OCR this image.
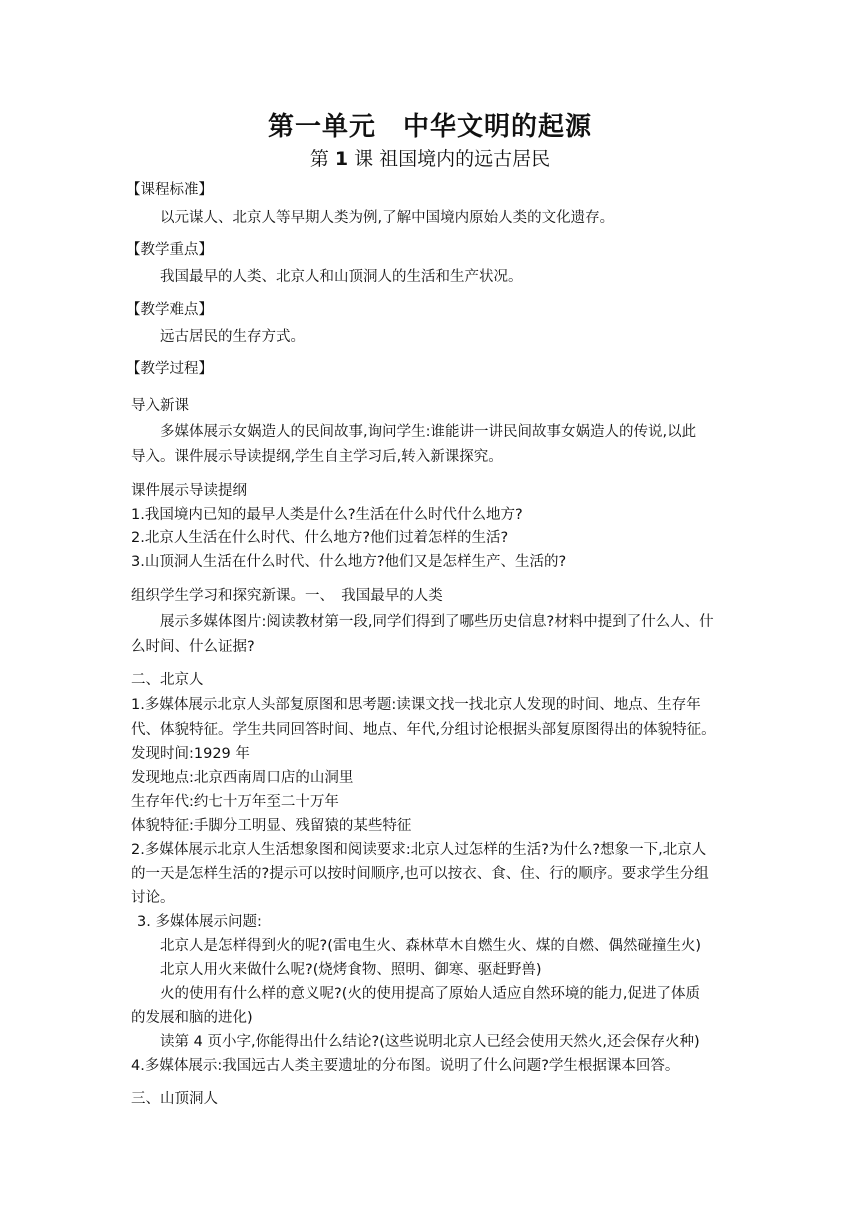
第一单元　中华文明的起源
第 1 课 祖国境内的远古居民
【课程标准】
以元谋人、北京人等早期人类为例,了解中国境内原始人类的文化遗存。
【教学重点】
我国最早的人类、北京人和山顶洞人的生活和生产状况。
【教学难点】
远古居民的生存方式。
【教学过程】
导入新课
多媒体展示女娲造人的民间故事,询问学生:谁能讲一讲民间故事女娲造人的传说,以此
导入。课件展示导读提纲,学生自主学习后,转入新课探究。
课件展示导读提纲
1.我国境内已知的最早人类是什么?生活在什么时代什么地方?
2.北京人生活在什么时代、什么地方?他们过着怎样的生活?
3.山顶洞人生活在什么时代、什么地方?他们又是怎样生产、生活的?
组织学生学习和探究新课。一、　我国最早的人类
展示多媒体图片:阅读教材第一段,同学们得到了哪些历史信息?材料中提到了什么人、什
么时间、什么证据?
二、北京人
1.多媒体展示北京人头部复原图和思考题:读课文找一找北京人发现的时间、地点、生存年
代、体貌特征。学生共同回答时间、地点、年代,分组讨论根据头部复原图得出的体貌特征。
发现时间:1929 年
发现地点:北京西南周口店的山洞里
生存年代:约七十万年至二十万年
体貌特征:手脚分工明显、残留猿的某些特征
2.多媒体展示北京人生活想象图和阅读要求:北京人过怎样的生活?为什么?想象一下,北京人
的一天是怎样生活的?提示可以按时间顺序,也可以按衣、食、住、行的顺序。要求学生分组
讨论。
3. 多媒体展示问题:
北京人是怎样得到火的呢?(雷电生火、森林草木自燃生火、煤的自燃、偶然碰撞生火)
北京人用火来做什么呢?(烧烤食物、照明、御寒、驱赶野兽)
火的使用有什么样的意义呢?(火的使用提高了原始人适应自然环境的能力,促进了体质
的发展和脑的进化)
读第 4 页小字,你能得出什么结论?(这些说明北京人已经会使用天然火,还会保存火种)
4.多媒体展示:我国远古人类主要遗址的分布图。说明了什么问题?学生根据课本回答。
三、山顶洞人
